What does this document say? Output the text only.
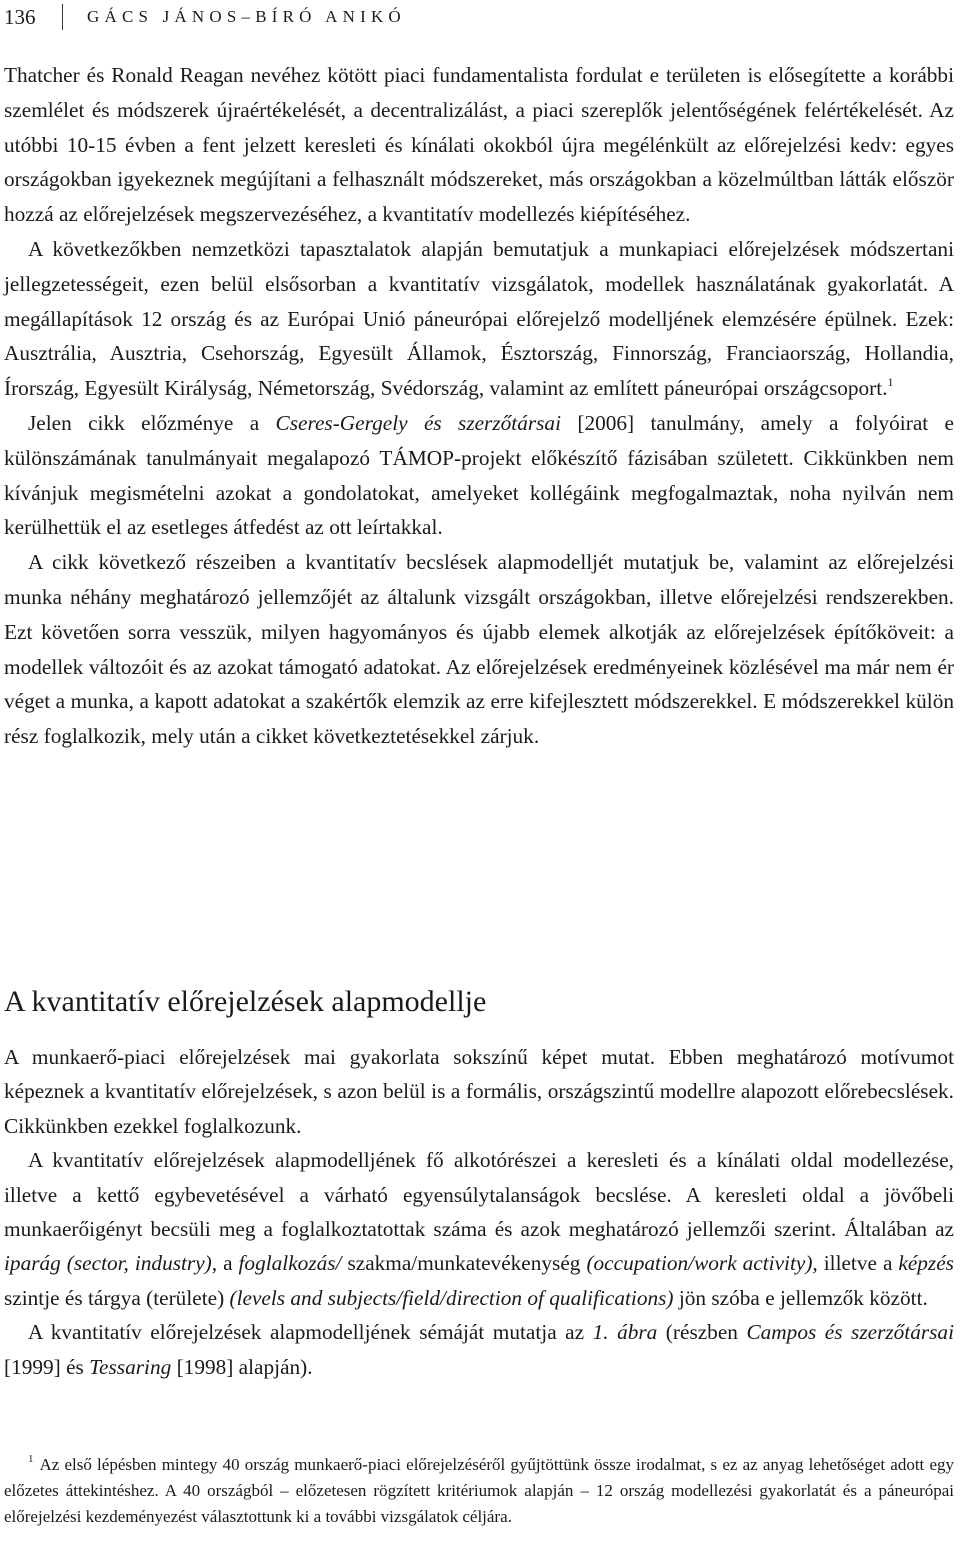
136	GÁCS JÁNOS–BÍRÓ ANIKÓ

Thatcher és Ronald Reagan nevéhez kötött piaci fundamentalista fordulat e területen is elősegítette a korábbi szemlélet és módszerek újraértékelését, a decentralizálást, a piaci szereplők jelentőségének felértékelését. Az utóbbi 10-15 évben a fent jelzett keresleti és kínálati okokból újra megélénkült az előrejelzési kedv: egyes országokban igyekeznek megújítani a felhasznált módszereket, más országokban a közelmúltban látták először hozzá az előrejelzések megszervezéséhez, a kvantitatív modellezés kiépítéséhez.

A következőkben nemzetközi tapasztalatok alapján bemutatjuk a munkapiaci előrejelzések módszertani jellegzetességeit, ezen belül elsősorban a kvantitatív vizsgálatok, modellek használatának gyakorlatát. A megállapítások 12 ország és az Európai Unió páneurópai előrejelző modelljének elemzésére épülnek. Ezek: Ausztrália, Ausztria, Csehország, Egyesült Államok, Észtország, Finnország, Franciaország, Hollandia, Írország, Egyesült Királyság, Németország, Svédország, valamint az említett páneurópai országcsoport.$^1$

Jelen cikk előzménye a Cseres-Gergely és szerzőtársai [2006] tanulmány, amely a folyóirat e különszámának tanulmányait megalapozó TÁMOP-projekt előkészítő fázisában született. Cikkünkben nem kívánjuk megismételni azokat a gondolatokat, amelyeket kollégáink megfogalmaztak, noha nyilván nem kerülhettük el az esetleges átfedést az ott leírtakkal.

A cikk következő részeiben a kvantitatív becslések alapmodelljét mutatjuk be, valamint az előrejelzési munka néhány meghatározó jellemzőjét az általunk vizsgált országokban, illetve előrejelzési rendszerekben. Ezt követően sorra vesszük, milyen hagyományos és újabb elemek alkotják az előrejelzések építőköveit: a modellek változóit és az azokat támogató adatokat. Az előrejelzések eredményeinek közlésével ma már nem ér véget a munka, a kapott adatokat a szakértők elemzik az erre kifejlesztett módszerekkel. E módszerekkel külön rész foglalkozik, mely után a cikket következtetésekkel zárjuk.

A kvantitatív előrejelzések alapmodellje

A munkaerő-piaci előrejelzések mai gyakorlata sokszínű képet mutat. Ebben meghatározó motívumot képeznek a kvantitatív előrejelzések, s azon belül is a formális, országszintű modellre alapozott előrebecslések. Cikkünkben ezekkel foglalkozunk.

A kvantitatív előrejelzések alapmodelljének fő alkotórészei a keresleti és a kínálati oldal modellezése, illetve a kettő egybevetésével a várható egyensúlytalanságok becslése. A keresleti oldal a jövőbeli munkaerőigényt becsüli meg a foglalkoztatottak száma és azok meghatározó jellemzői szerint. Általában az iparág (sector, industry), a foglalkozás/ szakma/munkatevékenység (occupation/work activity), illetve a képzés szintje és tárgya (területe) (levels and subjects/field/direction of qualifications) jön szóba e jellemzők között.

A kvantitatív előrejelzések alapmodelljének sémáját mutatja az 1. ábra (részben Campos és szerzőtársai [1999] és Tessaring [1998] alapján).

$^1$ Az első lépésben mintegy 40 ország munkaerő-piaci előrejelzéséről gyűjtöttünk össze irodalmat, s ez az anyag lehetőséget adott egy előzetes áttekintéshez. A 40 országból – előzetesen rögzített kritériumok alapján – 12 ország modellezési gyakorlatát és a páneurópai előrejelzési kezdeményezést választottunk ki a további vizsgálatok céljára.
